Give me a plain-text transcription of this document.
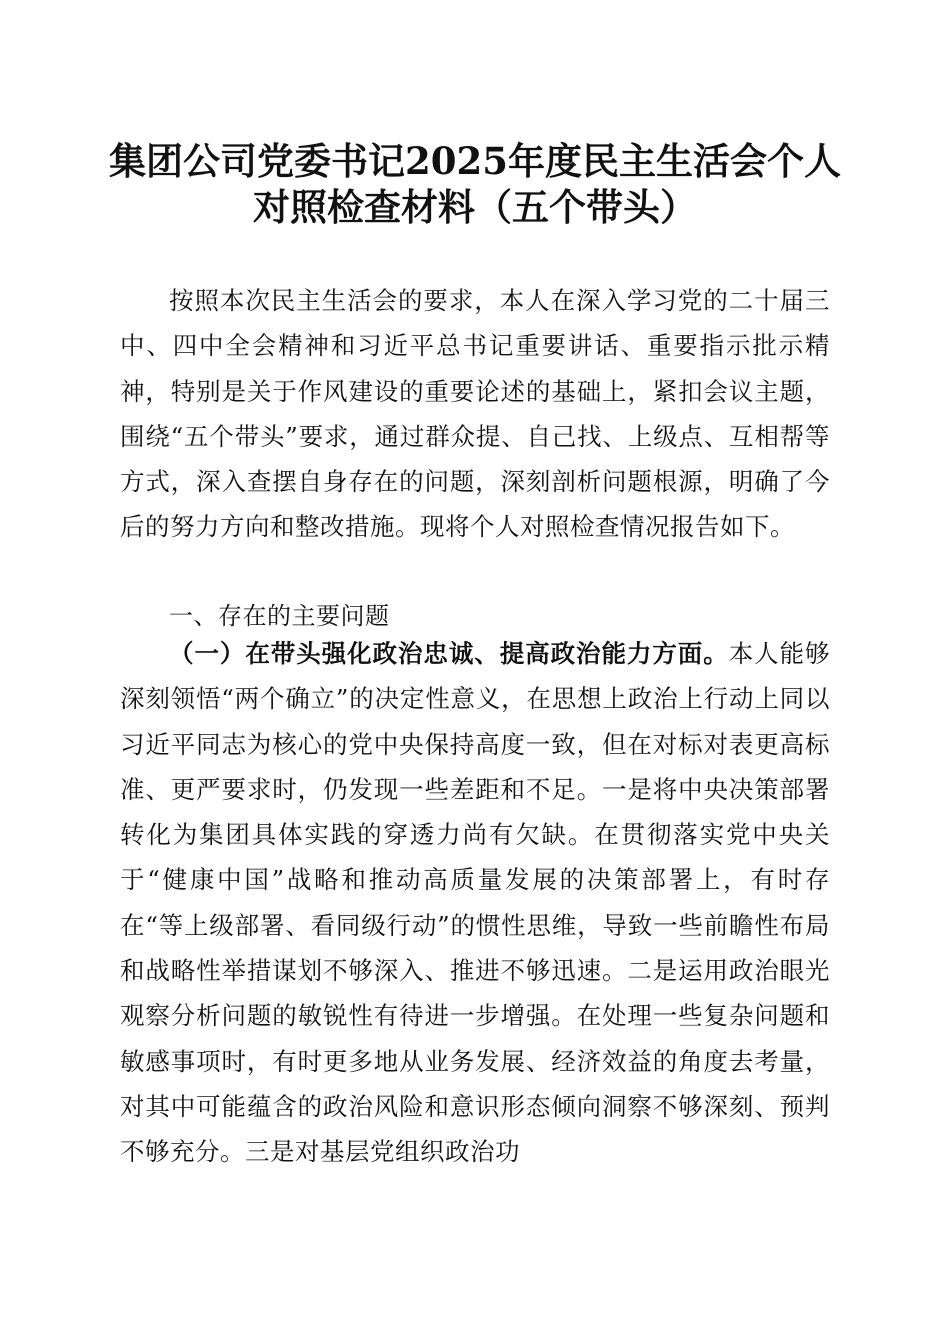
集团公司党委书记2025年度民主生活会个人
对照检查材料（五个带头）

按照本次民主生活会的要求，本人在深入学习党的二十届三中、四中全会精神和习近平总书记重要讲话、重要指示批示精神，特别是关于作风建设的重要论述的基础上，紧扣会议主题，围绕“五个带头”要求，通过群众提、自己找、上级点、互相帮等方式，深入查摆自身存在的问题，深刻剖析问题根源，明确了今后的努力方向和整改措施。现将个人对照检查情况报告如下。

一、存在的主要问题

（一）在带头强化政治忠诚、提高政治能力方面。本人能够深刻领悟“两个确立”的决定性意义，在思想上政治上行动上同以习近平同志为核心的党中央保持高度一致，但在对标对表更高标准、更严要求时，仍发现一些差距和不足。一是将中央决策部署转化为集团具体实践的穿透力尚有欠缺。在贯彻落实党中央关于“健康中国”战略和推动高质量发展的决策部署上，有时存在“等上级部署、看同级行动”的惯性思维，导致一些前瞻性布局和战略性举措谋划不够深入、推进不够迅速。二是运用政治眼光观察分析问题的敏锐性有待进一步增强。在处理一些复杂问题和敏感事项时，有时更多地从业务发展、经济效益的角度去考量，对其中可能蕴含的政治风险和意识形态倾向洞察不够深刻、预判不够充分。三是对基层党组织政治功
